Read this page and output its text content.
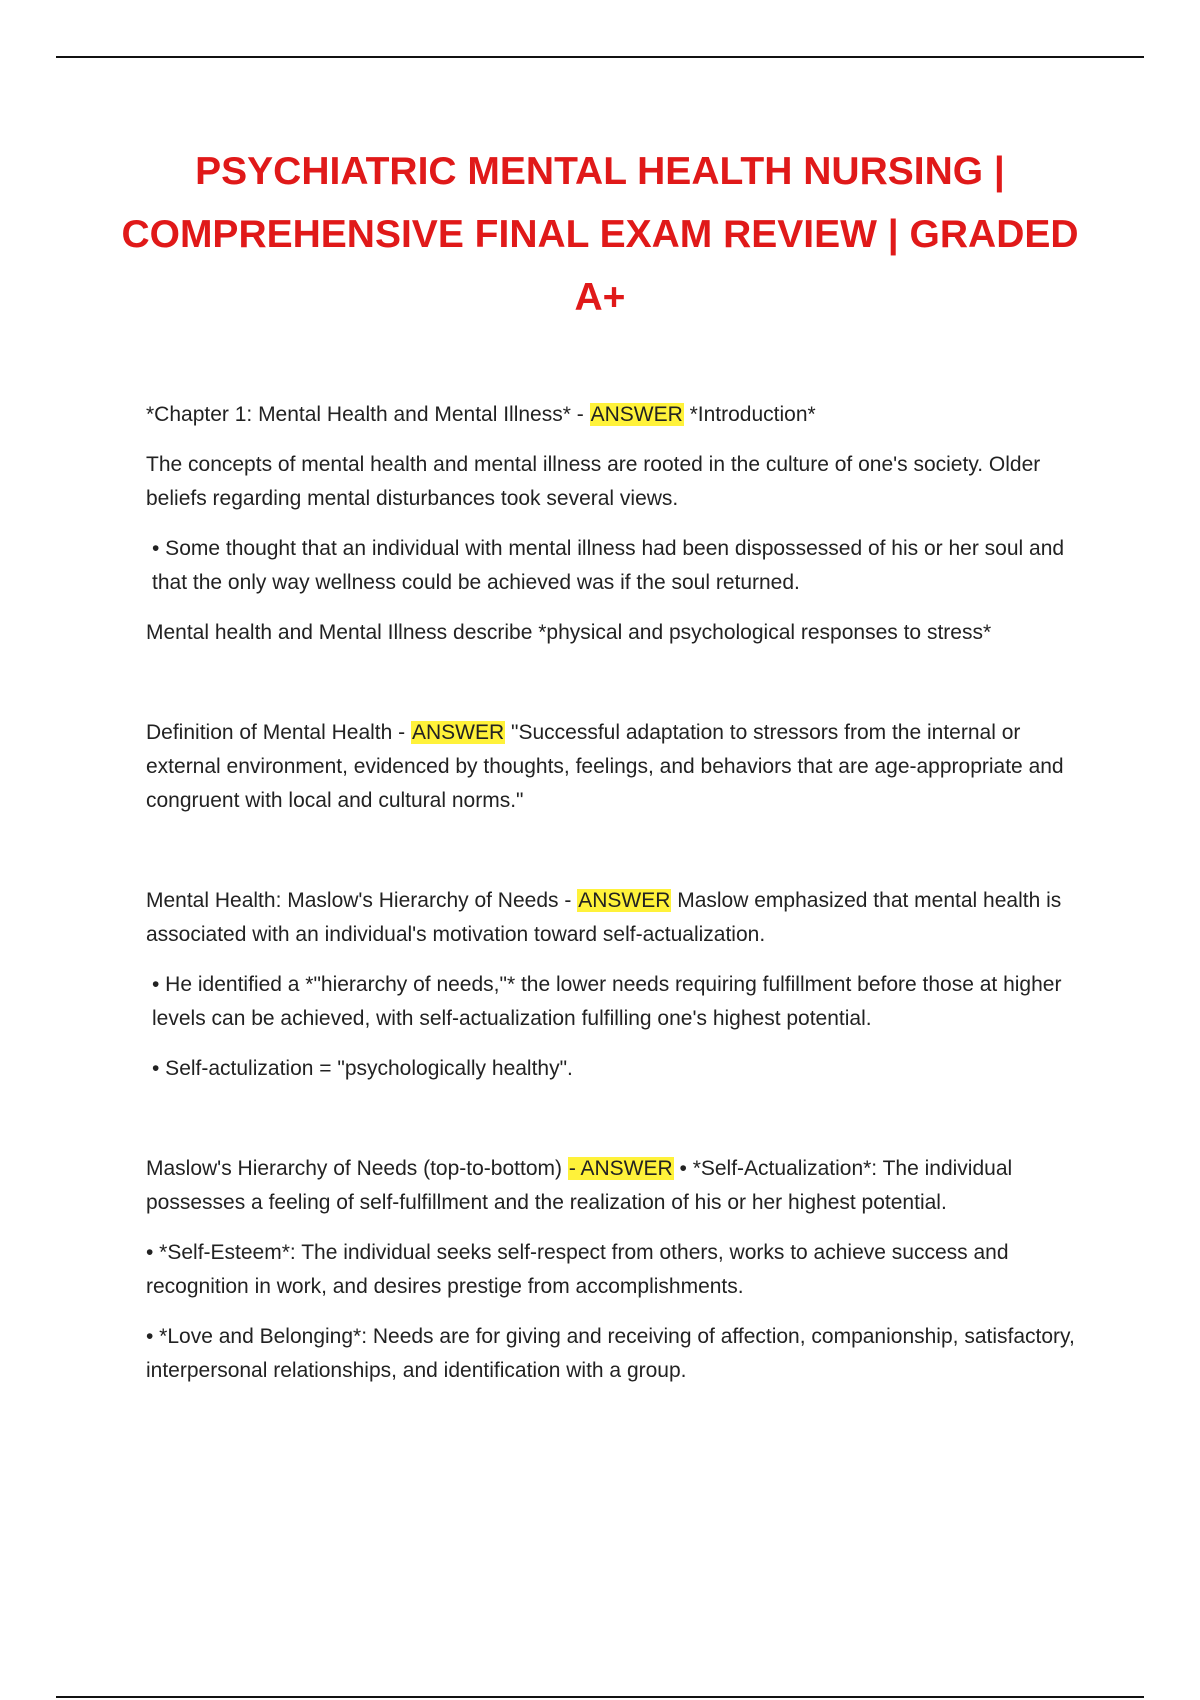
PSYCHIATRIC MENTAL HEALTH NURSING |
COMPREHENSIVE FINAL EXAM REVIEW | GRADED
A+

*Chapter 1: Mental Health and Mental Illness* - ANSWER *Introduction*

The concepts of mental health and mental illness are rooted in the culture of one's society. Older beliefs regarding mental disturbances took several views.

• Some thought that an individual with mental illness had been dispossessed of his or her soul and that the only way wellness could be achieved was if the soul returned.

Mental health and Mental Illness describe *physical and psychological responses to stress*

Definition of Mental Health - ANSWER "Successful adaptation to stressors from the internal or external environment, evidenced by thoughts, feelings, and behaviors that are age-appropriate and congruent with local and cultural norms."

Mental Health: Maslow's Hierarchy of Needs - ANSWER Maslow emphasized that mental health is associated with an individual's motivation toward self-actualization.

• He identified a *"hierarchy of needs,"* the lower needs requiring fulfillment before those at higher levels can be achieved, with self-actualization fulfilling one's highest potential.

• Self-actulization = "psychologically healthy".

Maslow's Hierarchy of Needs (top-to-bottom) - ANSWER • *Self-Actualization*: The individual possesses a feeling of self-fulfillment and the realization of his or her highest potential.

• *Self-Esteem*: The individual seeks self-respect from others, works to achieve success and recognition in work, and desires prestige from accomplishments.

• *Love and Belonging*: Needs are for giving and receiving of affection, companionship, satisfactory, interpersonal relationships, and identification with a group.
